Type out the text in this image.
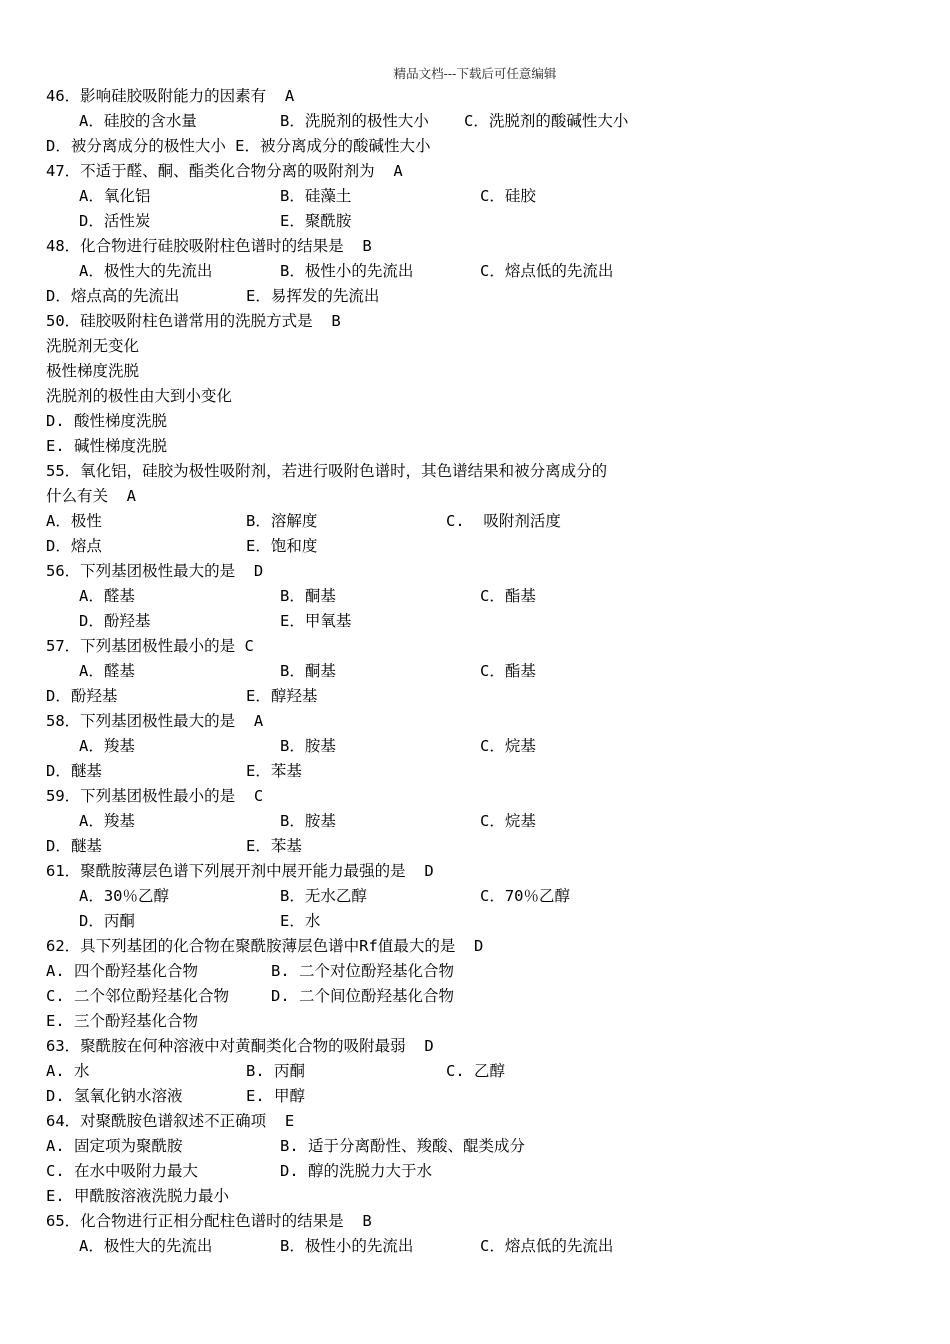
精品文档---下载后可任意编辑
46．影响硅胶吸附能力的因素有  A
A．硅胶的含水量	B．洗脱剂的极性大小 C．洗脱剂的酸碱性大小
D．被分离成分的极性大小 E．被分离成分的酸碱性大小
47．不适于醛、酮、酯类化合物分离的吸附剂为  A
A．氧化铝	B．硅藻土	C．硅胶
D．活性炭	E．聚酰胺
48．化合物进行硅胶吸附柱色谱时的结果是  B
A．极性大的先流出	B．极性小的先流出	C．熔点低的先流出
D．熔点高的先流出	E．易挥发的先流出
50．硅胶吸附柱色谱常用的洗脱方式是  B
洗脱剂无变化
极性梯度洗脱
洗脱剂的极性由大到小变化
D. 酸性梯度洗脱
E. 碱性梯度洗脱
55．氧化铝，硅胶为极性吸附剂，若进行吸附色谱时，其色谱结果和被分离成分的
什么有关  A
A．极性	B．溶解度	C.  吸附剂活度
D．熔点	E．饱和度
56．下列基团极性最大的是  D
A．醛基	B．酮基	C．酯基
D．酚羟基	E．甲氧基
57．下列基团极性最小的是 C
A．醛基	B．酮基	C．酯基
D．酚羟基	E．醇羟基
58．下列基团极性最大的是  A
A．羧基	B．胺基	C．烷基
D．醚基	E．苯基
59．下列基团极性最小的是  C
A．羧基	B．胺基	C．烷基
D．醚基	E．苯基
61．聚酰胺薄层色谱下列展开剂中展开能力最强的是  D
A．30％乙醇	B．无水乙醇	C．70％乙醇
D．丙酮	E．水
62．具下列基团的化合物在聚酰胺薄层色谱中Rf值最大的是  D
A. 四个酚羟基化合物	B. 二个对位酚羟基化合物
C. 二个邻位酚羟基化合物	D. 二个间位酚羟基化合物
E. 三个酚羟基化合物
63．聚酰胺在何种溶液中对黄酮类化合物的吸附最弱  D
A. 水	B. 丙酮	C. 乙醇
D. 氢氧化钠水溶液	E. 甲醇
64．对聚酰胺色谱叙述不正确项  E
A. 固定项为聚酰胺	B. 适于分离酚性、羧酸、醌类成分
C. 在水中吸附力最大	D. 醇的洗脱力大于水
E. 甲酰胺溶液洗脱力最小
65．化合物进行正相分配柱色谱时的结果是  B
A．极性大的先流出	B．极性小的先流出	C．熔点低的先流出
